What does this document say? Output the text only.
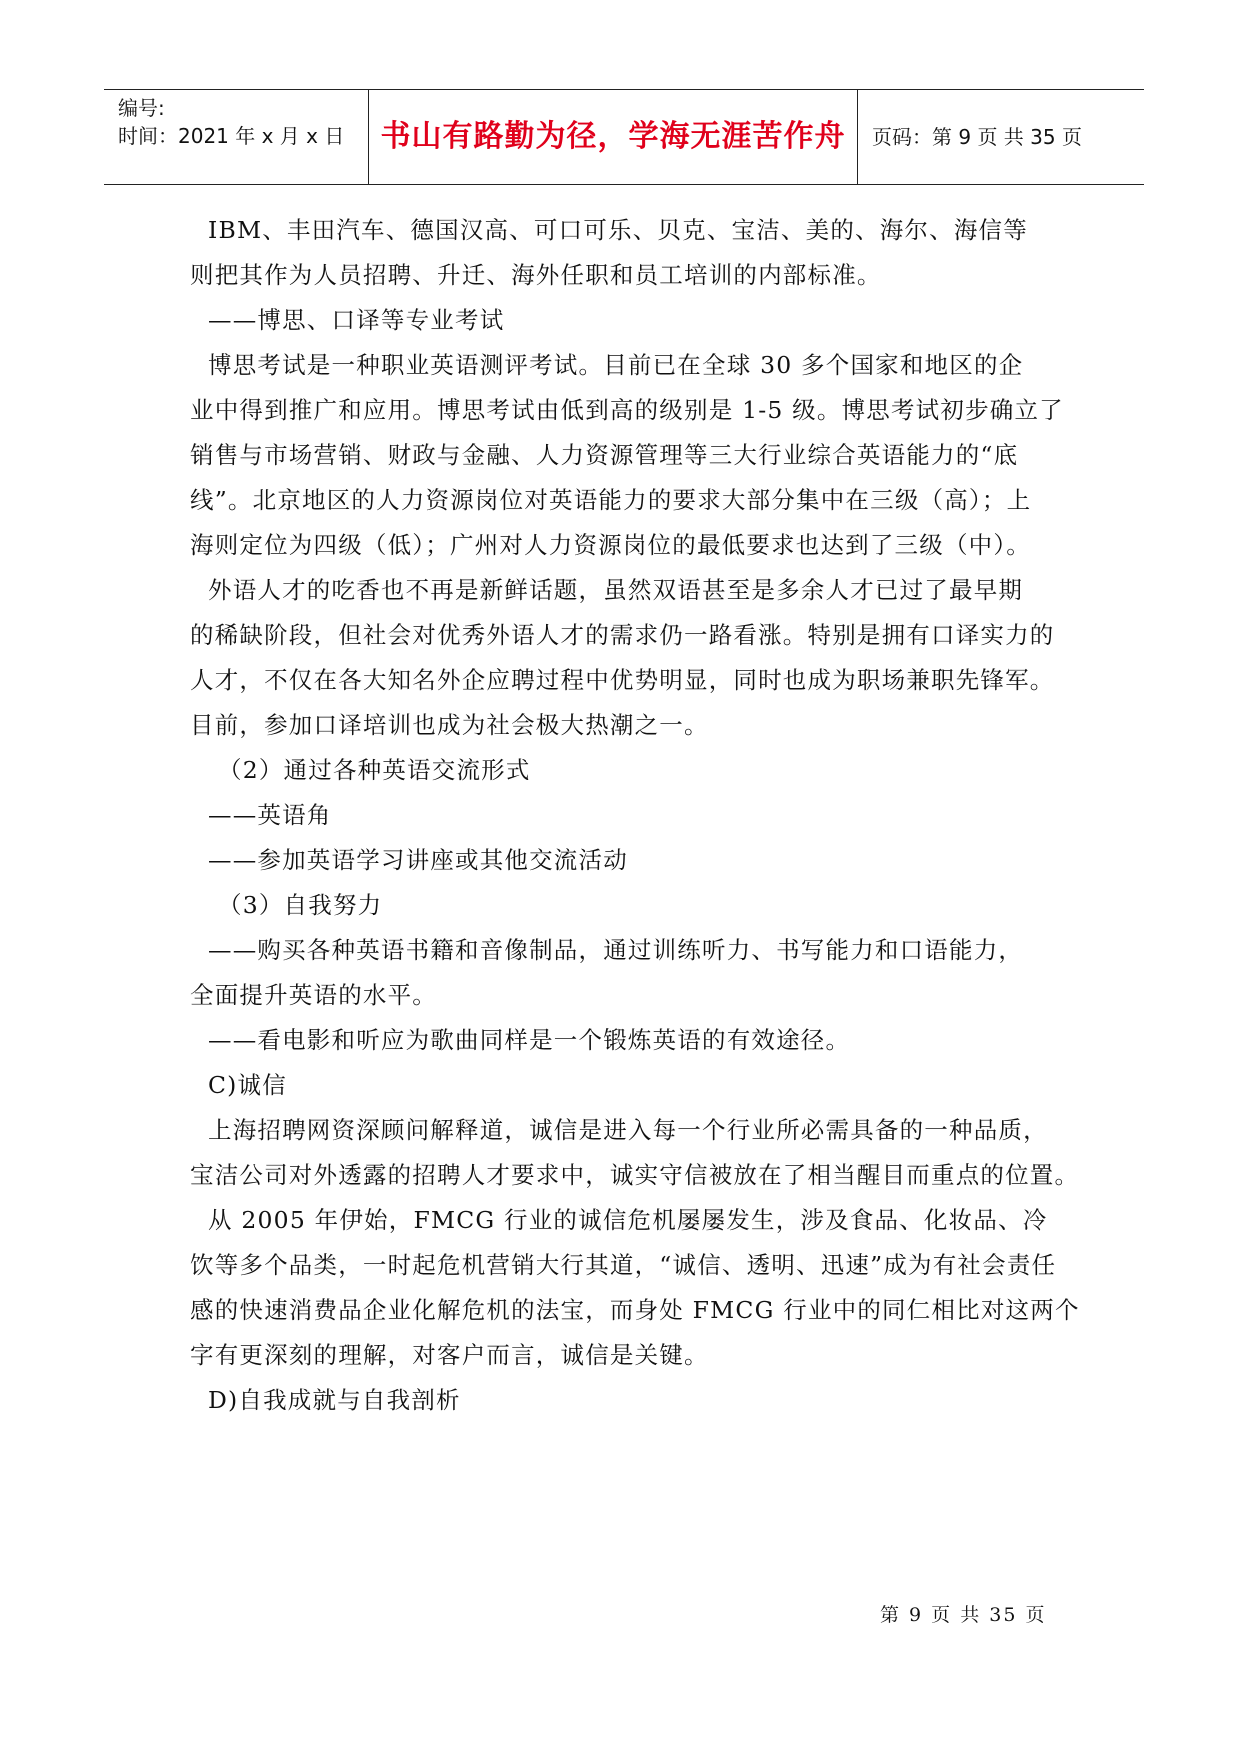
编号:
时间：2021 年 x 月 x 日	书山有路勤为径，学海无涯苦作舟	页码：第 9 页 共 35 页
IBM、丰田汽车、德国汉高、可口可乐、贝克、宝洁、美的、海尔、海信等
则把其作为人员招聘、升迁、海外任职和员工培训的内部标准。
——博思、口译等专业考试
博思考试是一种职业英语测评考试。目前已在全球 30 多个国家和地区的企
业中得到推广和应用。博思考试由低到高的级别是 1-5 级。博思考试初步确立了
销售与市场营销、财政与金融、人力资源管理等三大行业综合英语能力的“底
线”。北京地区的人力资源岗位对英语能力的要求大部分集中在三级（高）；上
海则定位为四级（低）；广州对人力资源岗位的最低要求也达到了三级（中）。
外语人才的吃香也不再是新鲜话题，虽然双语甚至是多余人才已过了最早期
的稀缺阶段，但社会对优秀外语人才的需求仍一路看涨。特别是拥有口译实力的
人才，不仅在各大知名外企应聘过程中优势明显，同时也成为职场兼职先锋军。
目前，参加口译培训也成为社会极大热潮之一。
（2）通过各种英语交流形式
——英语角
——参加英语学习讲座或其他交流活动
（3）自我努力
——购买各种英语书籍和音像制品，通过训练听力、书写能力和口语能力，
全面提升英语的水平。
——看电影和听应为歌曲同样是一个锻炼英语的有效途径。
C)诚信
上海招聘网资深顾问解释道，诚信是进入每一个行业所必需具备的一种品质，
宝洁公司对外透露的招聘人才要求中，诚实守信被放在了相当醒目而重点的位置。
从 2005 年伊始，FMCG 行业的诚信危机屡屡发生，涉及食品、化妆品、冷
饮等多个品类，一时起危机营销大行其道，“诚信、透明、迅速”成为有社会责任
感的快速消费品企业化解危机的法宝，而身处 FMCG 行业中的同仁相比对这两个
字有更深刻的理解，对客户而言，诚信是关键。
D)自我成就与自我剖析
第 9 页 共 35 页
